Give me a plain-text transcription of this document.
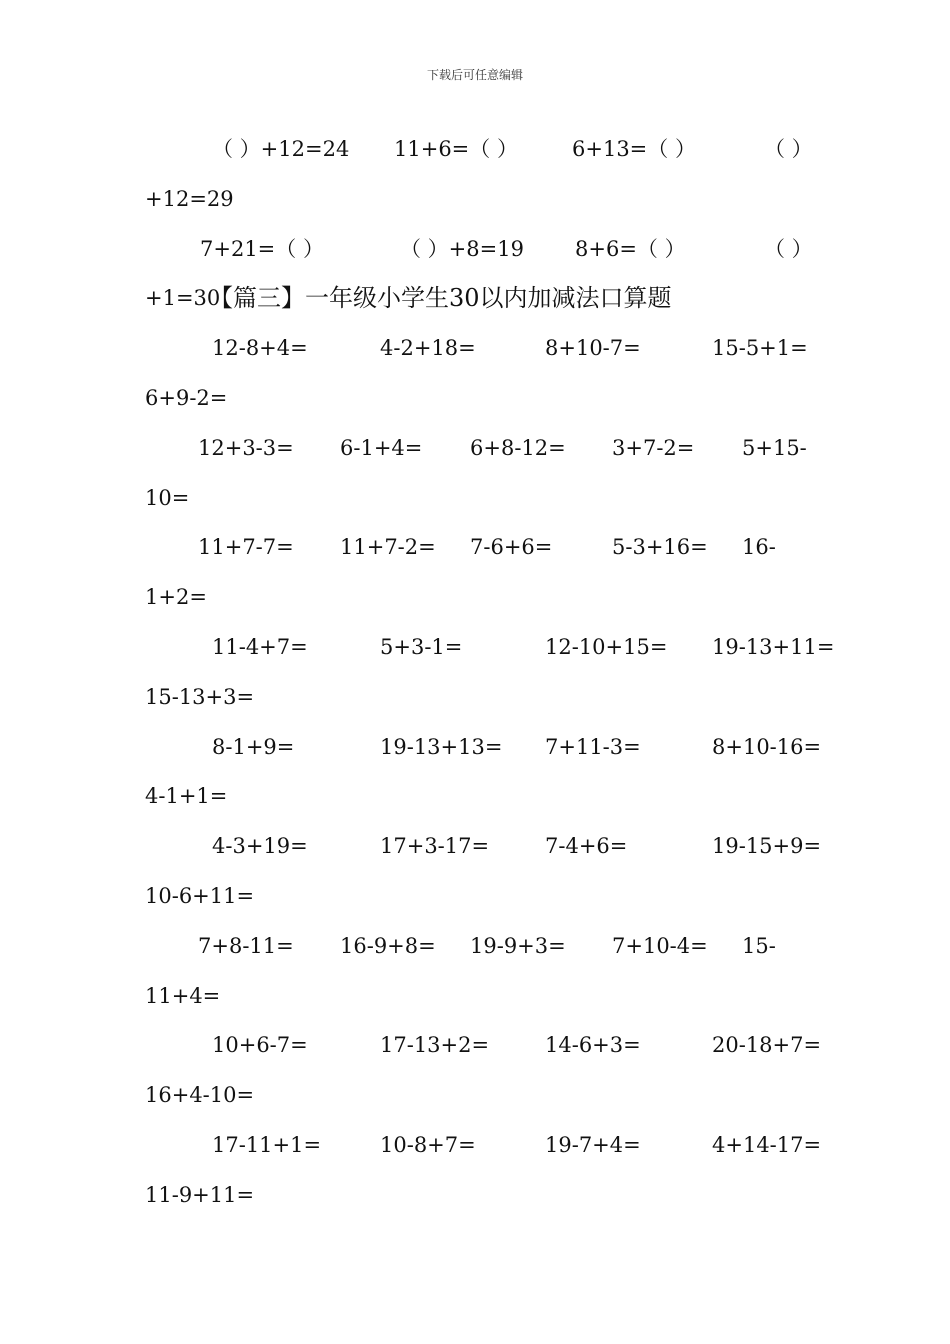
下载后可任意编辑
（ ）+12=24 11+6=（ ）	6+13=（ ）	（ ）
+12=29
7+21=（ ）	（ ）+8=19 8+6=（ ）	（ ）
+1=30
【篇三】一年级小学生30以内加减法口算题
12-8+4=	4-2+18=	8+10-7=	15-5+1=
6+9-2=
12+3-3= 6-1+4= 6+8-12= 3+7-2= 5+15-
10=
11+7-7= 11+7-2= 7-6+6=	5-3+16= 16-
1+2=
11-4+7=	5+3-1=	12-10+15= 19-13+11=
15-13+3=
8-1+9=	19-13+13= 7+11-3=	8+10-16=
4-1+1=
4-3+19=	17+3-17=	7-4+6=	19-15+9=
10-6+11=
7+8-11= 16-9+8= 19-9+3= 7+10-4= 15-
11+4=
10+6-7=	17-13+2=	14-6+3=	20-18+7=
16+4-10=
17-11+1=	10-8+7=	19-7+4=	4+14-17=
11-9+11=
